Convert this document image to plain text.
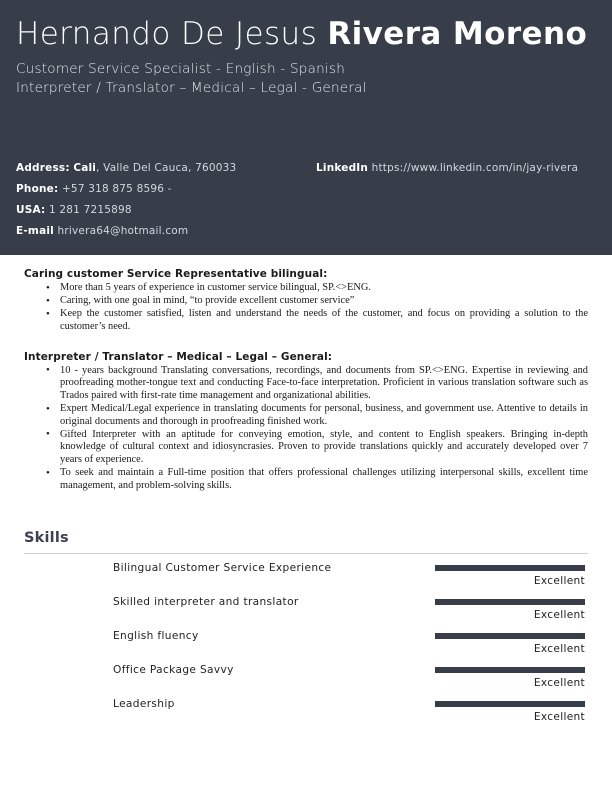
Hernando De Jesus Rivera Moreno
Customer Service Specialist - English - Spanish
Interpreter / Translator – Medical – Legal - General
Address: Cali, Valle Del Cauca, 760033	LinkedIn https://www.linkedin.com/in/jay-rivera
Phone: +57 318 875 8596 -
USA: 1 281 7215898
E-mail hrivera64@hotmail.com
Caring customer Service Representative bilingual:
• More than 5 years of experience in customer service bilingual, SP.<>ENG.
• Caring, with one goal in mind, “to provide excellent customer service”
• Keep the customer satisfied, listen and understand the needs of the customer, and focus on providing a solution to the customer’s need.
Interpreter / Translator – Medical – Legal – General:
• 10 - years background Translating conversations, recordings, and documents from SP.<>ENG. Expertise in reviewing and proofreading mother-tongue text and conducting Face-to-face interpretation. Proficient in various translation software such as Trados paired with first-rate time management and organizational abilities.
• Expert Medical/Legal experience in translating documents for personal, business, and government use. Attentive to details in original documents and thorough in proofreading finished work.
• Gifted Interpreter with an aptitude for conveying emotion, style, and content to English speakers. Bringing in-depth knowledge of cultural context and idiosyncrasies. Proven to provide translations quickly and accurately developed over 7 years of experience.
• To seek and maintain a Full-time position that offers professional challenges utilizing interpersonal skills, excellent time management, and problem-solving skills.
Skills
Bilingual Customer Service Experience
Excellent
Skilled interpreter and translator
Excellent
English fluency
Excellent
Office Package Savvy
Excellent
Leadership
Excellent
